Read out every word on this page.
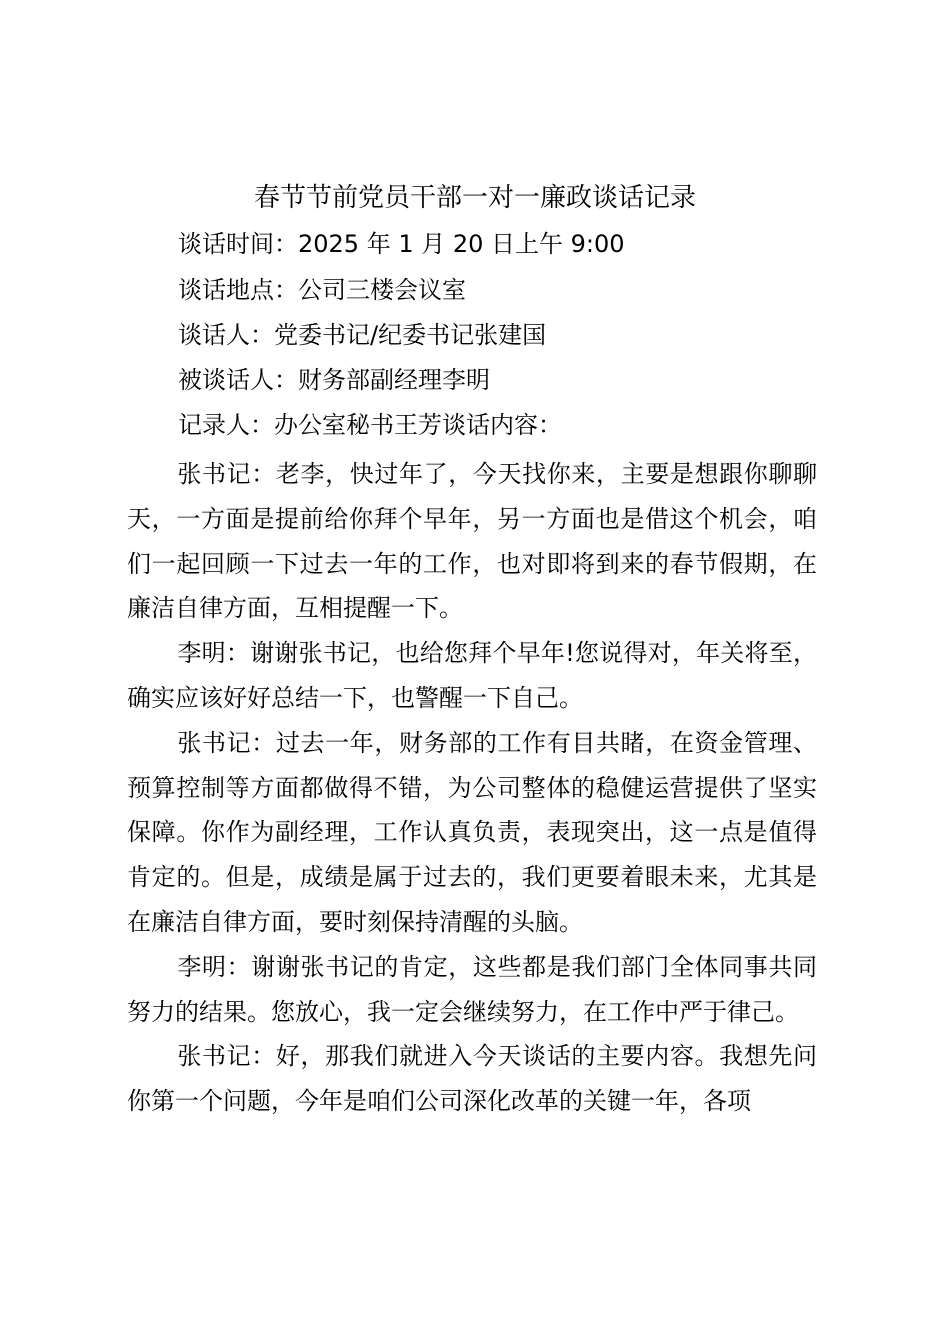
春节节前党员干部一对一廉政谈话记录
谈话时间：2025 年 1 月 20 日上午 9:00
谈话地点：公司三楼会议室
谈话人：党委书记/纪委书记张建国
被谈话人：财务部副经理李明
记录人：办公室秘书王芳谈话内容：

张书记：老李，快过年了，今天找你来，主要是想跟你聊聊天，一方面是提前给你拜个早年，另一方面也是借这个机会，咱们一起回顾一下过去一年的工作，也对即将到来的春节假期，在廉洁自律方面，互相提醒一下。

李明：谢谢张书记，也给您拜个早年!您说得对，年关将至，确实应该好好总结一下，也警醒一下自己。

张书记：过去一年，财务部的工作有目共睹，在资金管理、预算控制等方面都做得不错，为公司整体的稳健运营提供了坚实保障。你作为副经理，工作认真负责，表现突出，这一点是值得肯定的。但是，成绩是属于过去的，我们更要着眼未来，尤其是在廉洁自律方面，要时刻保持清醒的头脑。

李明：谢谢张书记的肯定，这些都是我们部门全体同事共同努力的结果。您放心，我一定会继续努力，在工作中严于律己。

张书记：好，那我们就进入今天谈话的主要内容。我想先问你第一个问题，今年是咱们公司深化改革的关键一年，各项
